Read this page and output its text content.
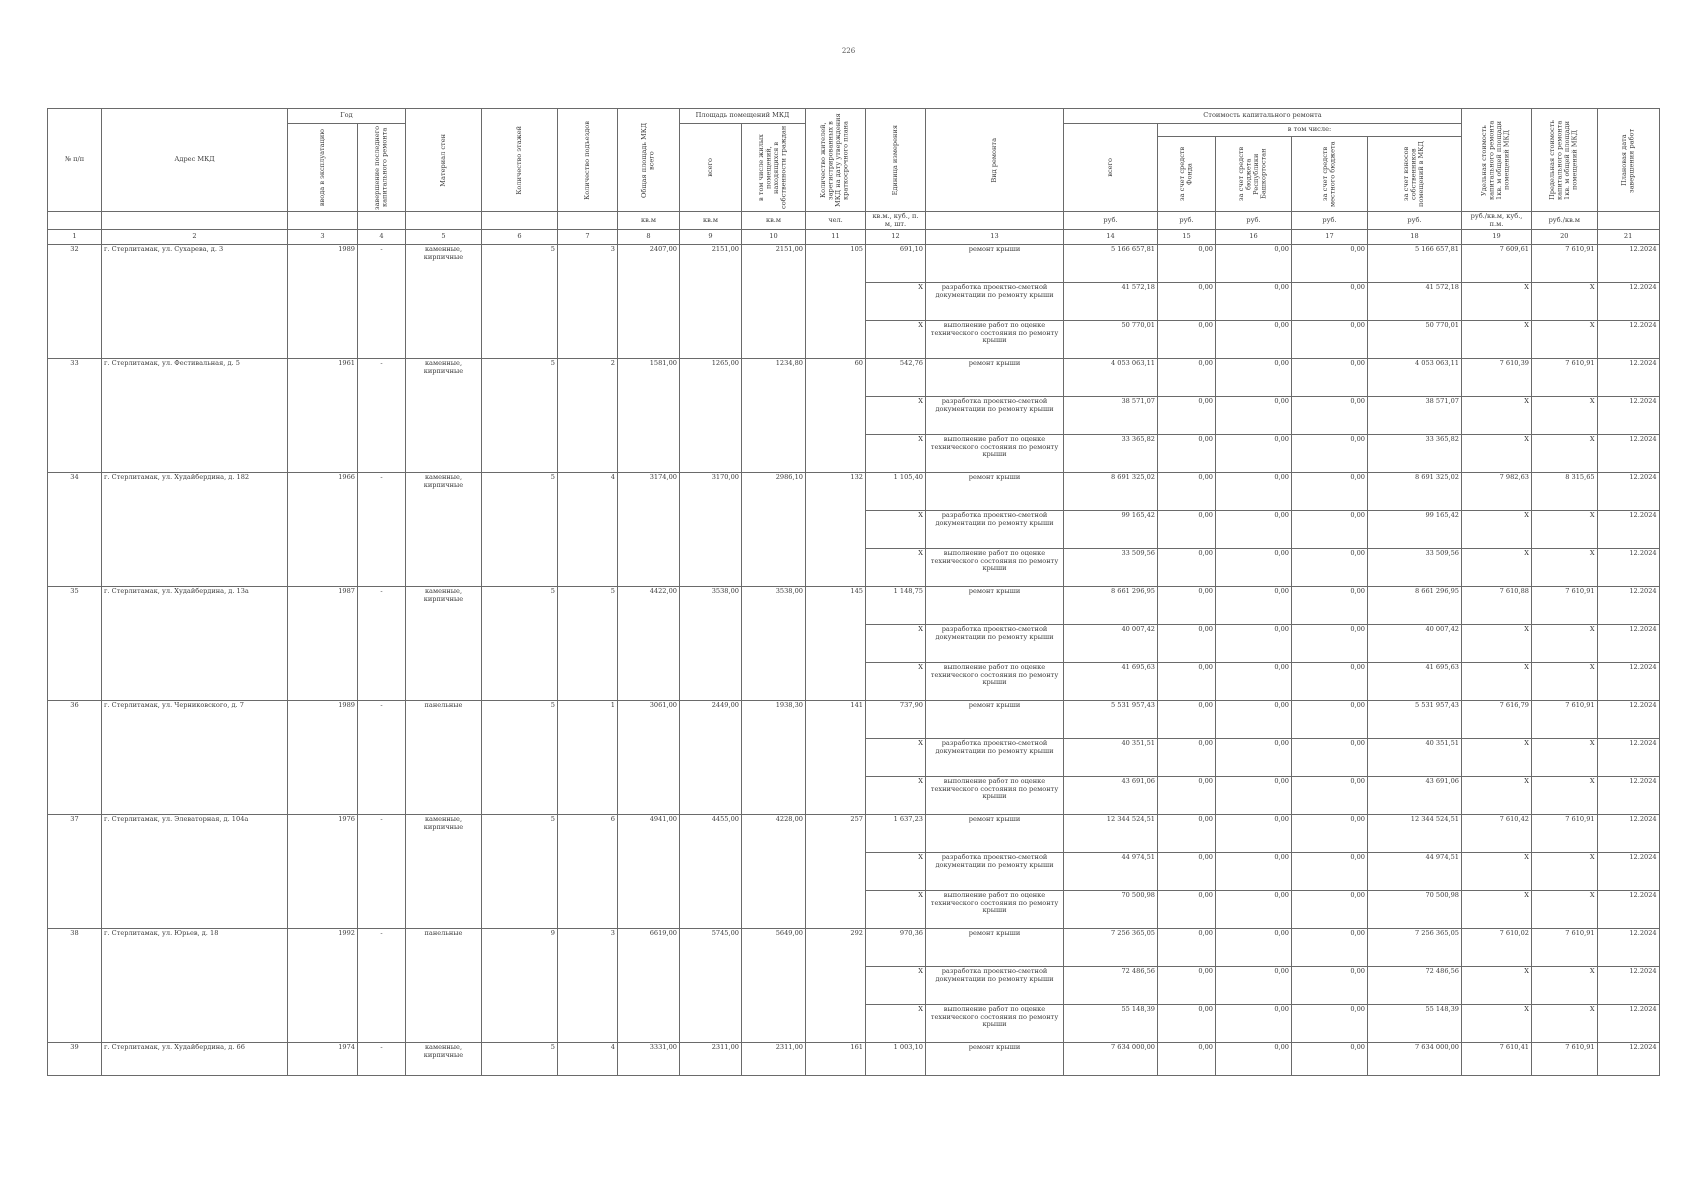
226
№ п/п	Адрес МКД	Год		Материал стен	Количество этажей	Количество подъездов	Общая площадь МКД всего	Площадь помещений МКД		Количество жителей, зарегистрированных в МКД на дату утверждения краткосрочного плана	Единица измерения	Вид ремонта	Стоимость капитального ремонта					Удельная стоимость капитального ремонта 1кв. м общей площади помещений МКД	Предельная стоимость капитального ремонта 1кв. м общей площади помещений МКД	Плановая дата завершения работ

		ввода в эксплуатацию	завершение последнего капитального ремонта					всего	в том числе жилых помещений, находящихся в собственности граждан				всего	в том числе:						

														за счет средств Фонда	за счет средств бюджета Республики Башкортостан	за счет средств местного бюджета	за счет взносов собственников помещений в МКД			

							кв.м	кв.м	кв.м	чел.	кв.м., куб., п. м, шт.		руб.	руб.	руб.	руб.	руб.	руб./кв.м, куб., п.м.	руб./кв.м	
1	2	3	4	5	6	7	8	9	10	11	12	13	14	15	16	17	18	19	20	21
32	г. Стерлитамак, ул. Сухарева, д. 3	1989	-	каменные, кирпичные	5	3	2407,00	2151,00	2151,00	105	691,10	ремонт крыши	5 166 657,81	0,00	0,00	0,00	5 166 657,81	7 609,61	7 610,91	12.2024
											X	разработка проектно-сметной документации по ремонту крыши	41 572,18	0,00	0,00	0,00	41 572,18	X	X	12.2024
											X	выполнение работ по оценке технического состояния по ремонту крыши	50 770,01	0,00	0,00	0,00	50 770,01	X	X	12.2024
33	г. Стерлитамак, ул. Фестивальная, д. 5	1961	-	каменные, кирпичные	5	2	1581,00	1265,00	1234,80	60	542,76	ремонт крыши	4 053 063,11	0,00	0,00	0,00	4 053 063,11	7 610,39	7 610,91	12.2024
											X	разработка проектно-сметной документации по ремонту крыши	38 571,07	0,00	0,00	0,00	38 571,07	X	X	12.2024
											X	выполнение работ по оценке технического состояния по ремонту крыши	33 365,82	0,00	0,00	0,00	33 365,82	X	X	12.2024
34	г. Стерлитамак, ул. Худайбердина, д. 182	1966	-	каменные, кирпичные	5	4	3174,00	3170,00	2986,10	132	1 105,40	ремонт крыши	8 691 325,02	0,00	0,00	0,00	8 691 325,02	7 982,63	8 315,65	12.2024
											X	разработка проектно-сметной документации по ремонту крыши	99 165,42	0,00	0,00	0,00	99 165,42	X	X	12.2024
											X	выполнение работ по оценке технического состояния по ремонту крыши	33 509,56	0,00	0,00	0,00	33 509,56	X	X	12.2024
35	г. Стерлитамак, ул. Худайбердина, д. 13а	1987	-	каменные, кирпичные	5	5	4422,00	3538,00	3538,00	145	1 148,75	ремонт крыши	8 661 296,95	0,00	0,00	0,00	8 661 296,95	7 610,88	7 610,91	12.2024
											X	разработка проектно-сметной документации по ремонту крыши	40 007,42	0,00	0,00	0,00	40 007,42	X	X	12.2024
											X	выполнение работ по оценке технического состояния по ремонту крыши	41 695,63	0,00	0,00	0,00	41 695,63	X	X	12.2024
36	г. Стерлитамак, ул. Черниковского, д. 7	1989	-	панельные	5	1	3061,00	2449,00	1938,30	141	737,90	ремонт крыши	5 531 957,43	0,00	0,00	0,00	5 531 957,43	7 616,79	7 610,91	12.2024
											X	разработка проектно-сметной документации по ремонту крыши	40 351,51	0,00	0,00	0,00	40 351,51	X	X	12.2024
											X	выполнение работ по оценке технического состояния по ремонту крыши	43 691,06	0,00	0,00	0,00	43 691,06	X	X	12.2024
37	г. Стерлитамак, ул. Элеваторная, д. 104а	1976	-	каменные, кирпичные	5	6	4941,00	4455,00	4228,00	257	1 637,23	ремонт крыши	12 344 524,51	0,00	0,00	0,00	12 344 524,51	7 610,42	7 610,91	12.2024
											X	разработка проектно-сметной документации по ремонту крыши	44 974,51	0,00	0,00	0,00	44 974,51	X	X	12.2024
											X	выполнение работ по оценке технического состояния по ремонту крыши	70 500,98	0,00	0,00	0,00	70 500,98	X	X	12.2024
38	г. Стерлитамак, ул. Юрьев, д. 18	1992	-	панельные	9	3	6619,00	5745,00	5649,00	292	970,36	ремонт крыши	7 256 365,05	0,00	0,00	0,00	7 256 365,05	7 610,02	7 610,91	12.2024
											X	разработка проектно-сметной документации по ремонту крыши	72 486,56	0,00	0,00	0,00	72 486,56	X	X	12.2024
											X	выполнение работ по оценке технического состояния по ремонту крыши	55 148,39	0,00	0,00	0,00	55 148,39	X	X	12.2024
39	г. Стерлитамак, ул. Худайбердина, д. 66	1974	-	каменные, кирпичные	5	4	3331,00	2311,00	2311,00	161	1 003,10	ремонт крыши	7 634 000,00	0,00	0,00	0,00	7 634 000,00	7 610,41	7 610,91	12.2024
